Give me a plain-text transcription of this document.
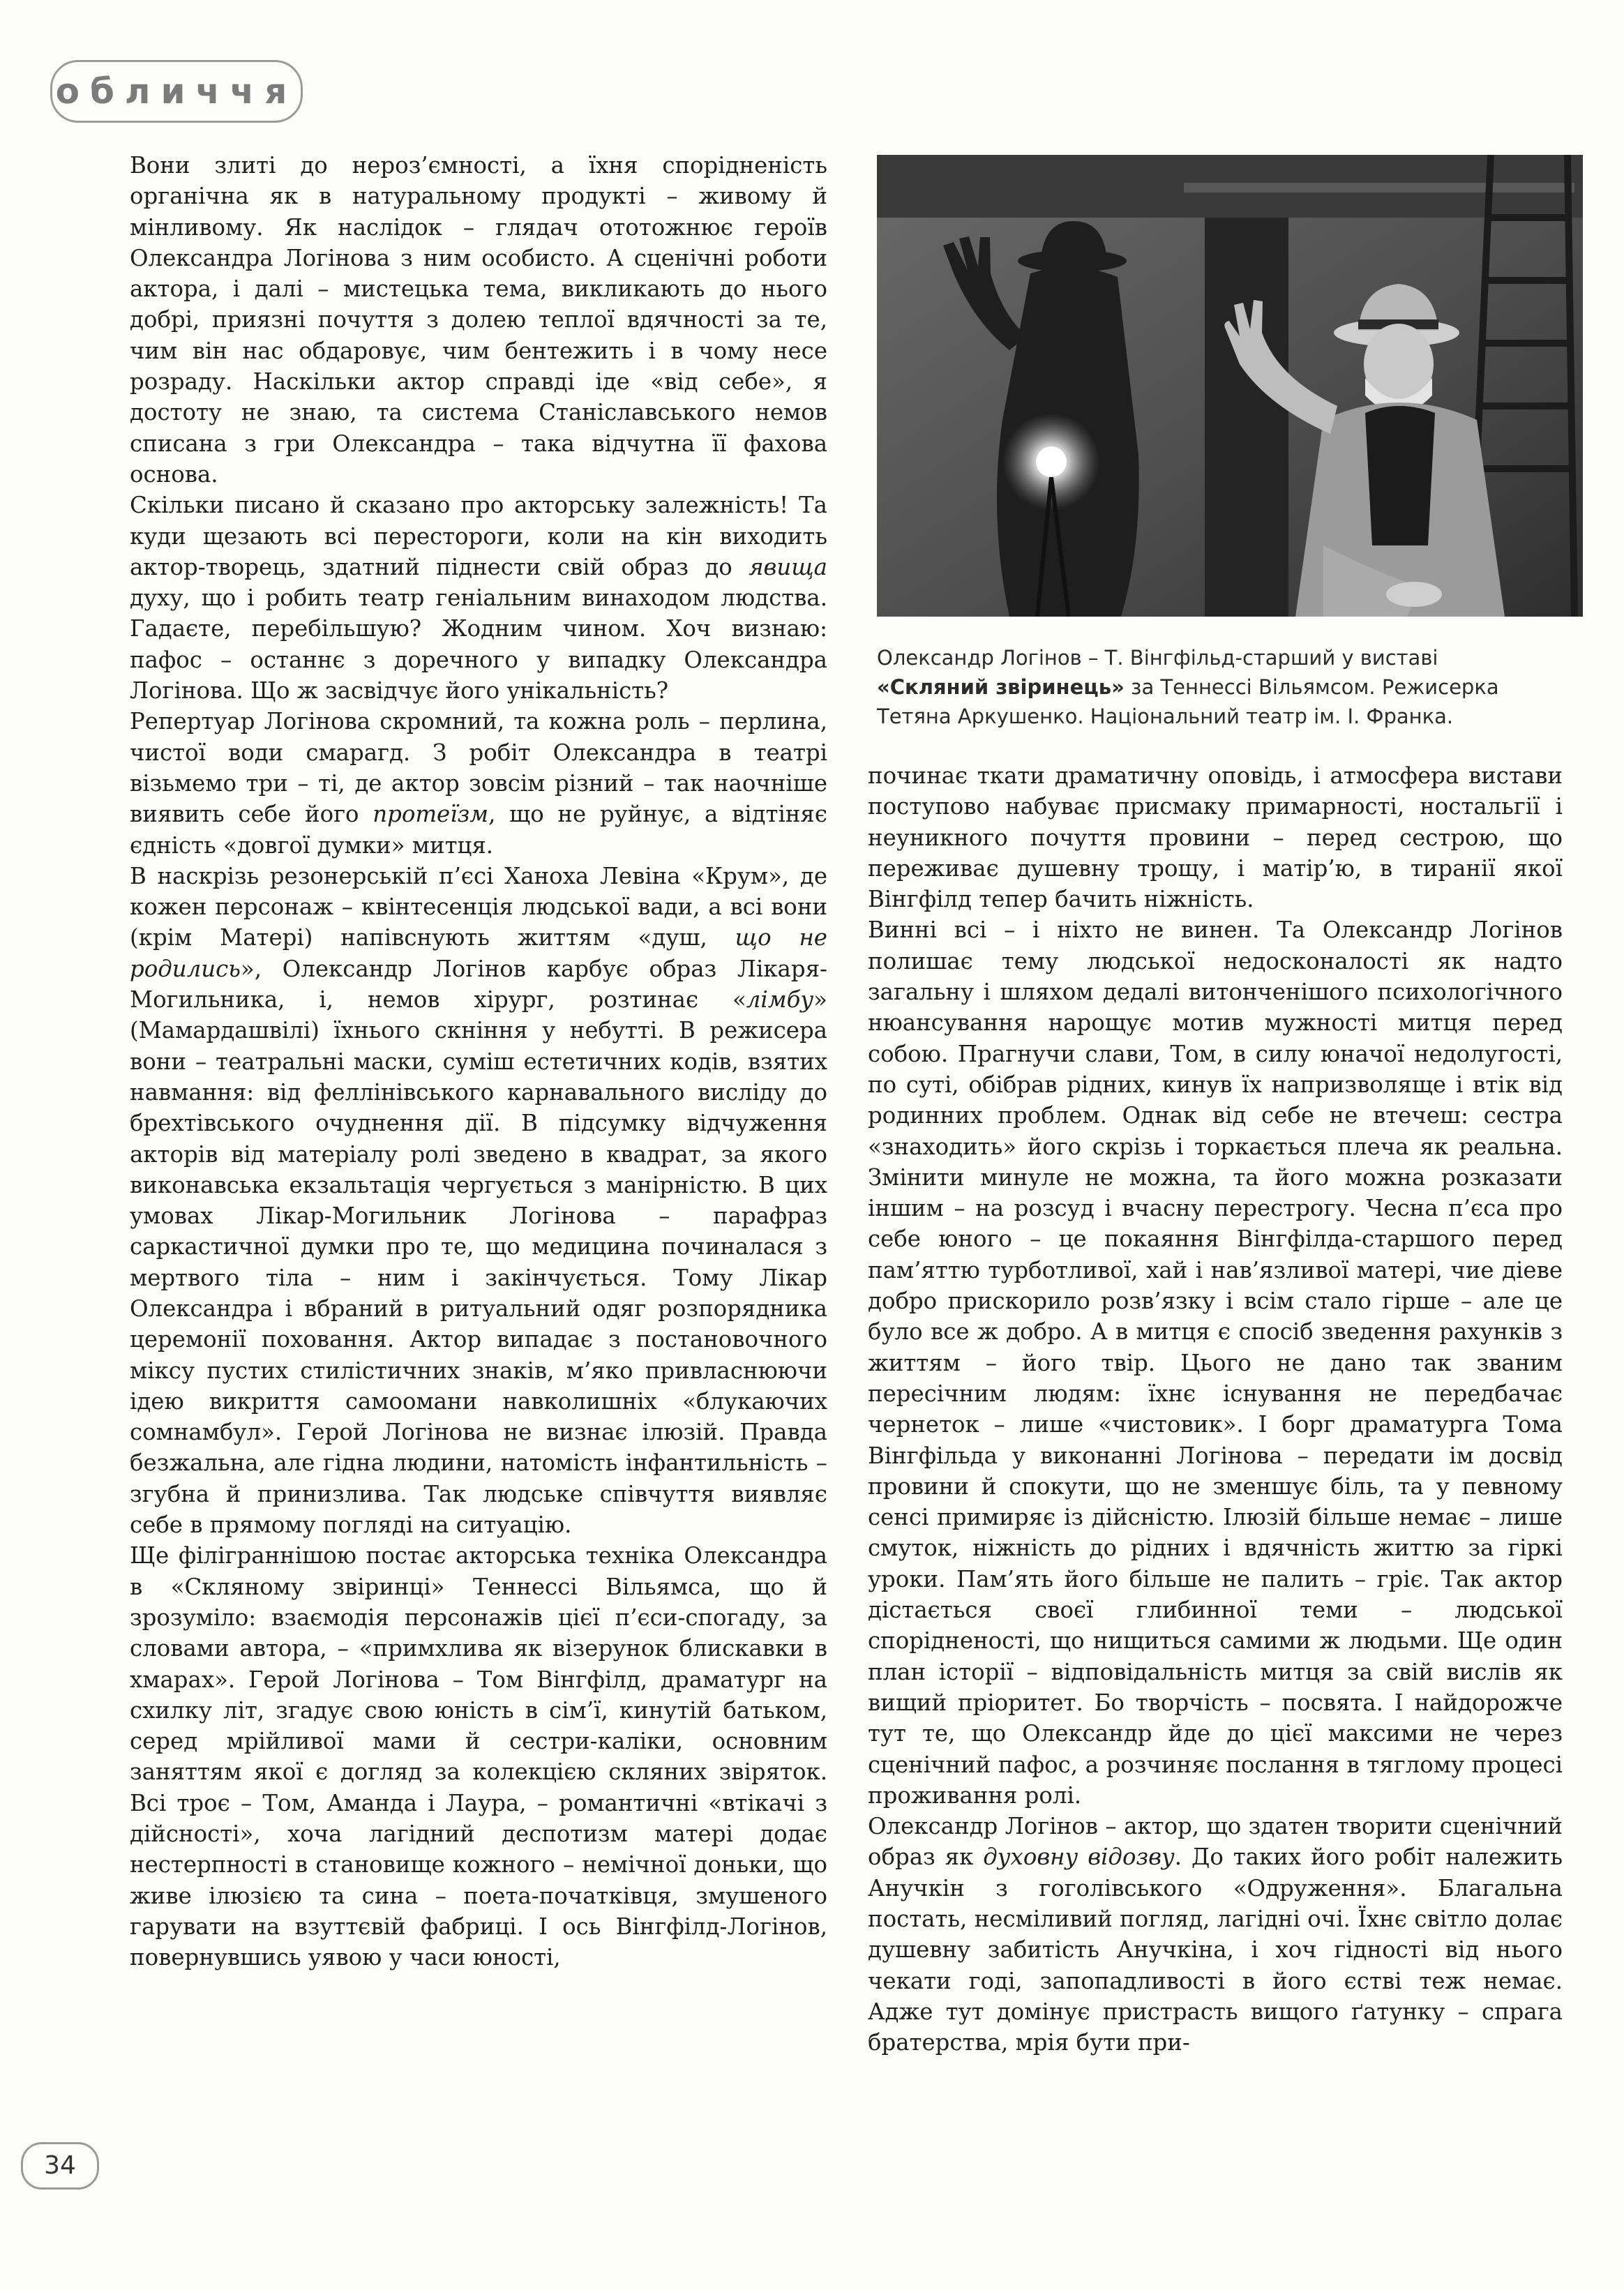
обличчя

Вони злиті до нероз’ємності, а їхня спорідненість органічна як в натуральному продукті – живому й мінливому. Як наслідок – глядач ототожнює героїв Олександра Логінова з ним особисто. А сценічні роботи актора, і далі – мистецька тема, викликають до нього добрі, приязні почуття з долею теплої вдячності за те, чим він нас обдаровує, чим бентежить і в чому несе розраду. Наскільки актор справді іде «від себе», я достоту не знаю, та система Станіславського немов списана з гри Олександра – така відчутна її фахова основа.

Скільки писано й сказано про акторську залежність! Та куди щезають всі перестороги, коли на кін виходить актор-творець, здатний піднести свій образ до явища духу, що і робить театр геніальним винаходом людства. Гадаєте, перебільшую? Жодним чином. Хоч визнаю: пафос – останнє з доречного у випадку Олександра Логінова. Що ж засвідчує його унікальність?

Репертуар Логінова скромний, та кожна роль – перлина, чистої води смарагд. З робіт Олександра в театрі візьмемо три – ті, де актор зовсім різний – так наочніше виявить себе його протеїзм, що не руйнує, а відтіняє єдність «довгої думки» митця.

В наскрізь резонерській п’єсі Ханоха Левіна «Крум», де кожен персонаж – квінтесенція людської вади, а всі вони (крім Матері) напівснують життям «душ, що не родились», Олександр Логінов карбує образ Лікаря-Могильника, і, немов хірург, розтинає «лімбу» (Мамардашвілі) їхнього скніння у небутті. В режисера вони – театральні маски, суміш естетичних кодів, взятих навмання: від феллінівського карнавального висліду до брехтівського очуднення дії. В підсумку відчуження акторів від матеріалу ролі зведено в квадрат, за якого виконавська екзальтація чергується з манірністю. В цих умовах Лікар-Могильник Логінова – парафраз саркастичної думки про те, що медицина починалася з мертвого тіла – ним і закінчується. Тому Лікар Олександра і вбраний в ритуальний одяг розпорядника церемонії поховання. Актор випадає з постановочного міксу пустих стилістичних знаків, м’яко привласнюючи ідею викриття самоомани навколишніх «блукаючих сомнамбул». Герой Логінова не визнає ілюзій. Правда безжальна, але гідна людини, натомість інфантильність – згубна й принизлива. Так людське співчуття виявляє себе в прямому погляді на ситуацію.

Ще філіграннішою постає акторська техніка Олександра в «Скляному звіринці» Теннессі Вільямса, що й зрозуміло: взаємодія персонажів цієї п’єси-спогаду, за словами автора, – «примхлива як візерунок блискавки в хмарах». Герой Логінова – Том Вінгфілд, драматург на схилку літ, згадує свою юність в сім’ї, кинутій батьком, серед мрійливої мами й сестри-каліки, основним заняттям якої є догляд за колекцією скляних звіряток. Всі троє – Том, Аманда і Лаура, – романтичні «втікачі з дійсності», хоча лагідний деспотизм матері додає нестерпності в становище кожного – немічної доньки, що живе ілюзією та сина – поета-початківця, змушеного гарувати на взуттєвій фабриці. І ось Вінгфілд-Логінов, повернувшись уявою у часи юності,

Олександр Логінов – Т. Вінгфільд-старший у виставі «Скляний звіринець» за Теннессі Вільямсом. Режисерка Тетяна Аркушенко. Національний театр ім. І. Франка.

починає ткати драматичну оповідь, і атмосфера вистави поступово набуває присмаку примарності, ностальгії і неуникного почуття провини – перед сестрою, що переживає душевну трощу, і матір’ю, в тиранії якої Вінгфілд тепер бачить ніжність.

Винні всі – і ніхто не винен. Та Олександр Логінов полишає тему людської недосконалості як надто загальну і шляхом дедалі витонченішого психологічного нюансування нарощує мотив мужності митця перед собою. Прагнучи слави, Том, в силу юначої недолугості, по суті, обібрав рідних, кинув їх напризволяще і втік від родинних проблем. Однак від себе не втечеш: сестра «знаходить» його скрізь і торкається плеча як реальна. Змінити минуле не можна, та його можна розказати іншим – на розсуд і вчасну перестрогу. Чесна п’єса про себе юного – це покаяння Вінгфілда-старшого перед пам’яттю турботливої, хай і нав’язливої матері, чие діеве добро прискорило розв’язку і всім стало гірше – але це було все ж добро. А в митця є спосіб зведення рахунків з життям – його твір. Цього не дано так званим пересічним людям: їхнє існування не передбачає чернеток – лише «чистовик». І борг драматурга Тома Вінгфільда у виконанні Логінова – передати ім досвід провини й спокути, що не зменшує біль, та у певному сенсі примиряє із дійсністю. Ілюзій більше немає – лише смуток, ніжність до рідних і вдячність життю за гіркі уроки. Пам’ять його більше не палить – гріє. Так актор дістається своєї глибинної теми – людської спорідненості, що нищиться самими ж людьми. Ще один план історії – відповідальність митця за свій вислів як вищий пріоритет. Бо творчість – посвята. І найдорожче тут те, що Олександр йде до цієї максими не через сценічний пафос, а розчиняє послання в тяглому процесі проживання ролі.

Олександр Логінов – актор, що здатен творити сценічний образ як духовну відозву. До таких його робіт належить Анучкін з гоголівського «Одруження». Благальна постать, несміливий погляд, лагідні очі. Їхнє світло долає душевну забитість Анучкіна, і хоч гідності від нього чекати годі, запопадливості в його єстві теж немає. Адже тут домінує пристрасть вищого ґатунку – спрага братерства, мрія бути при-

34
